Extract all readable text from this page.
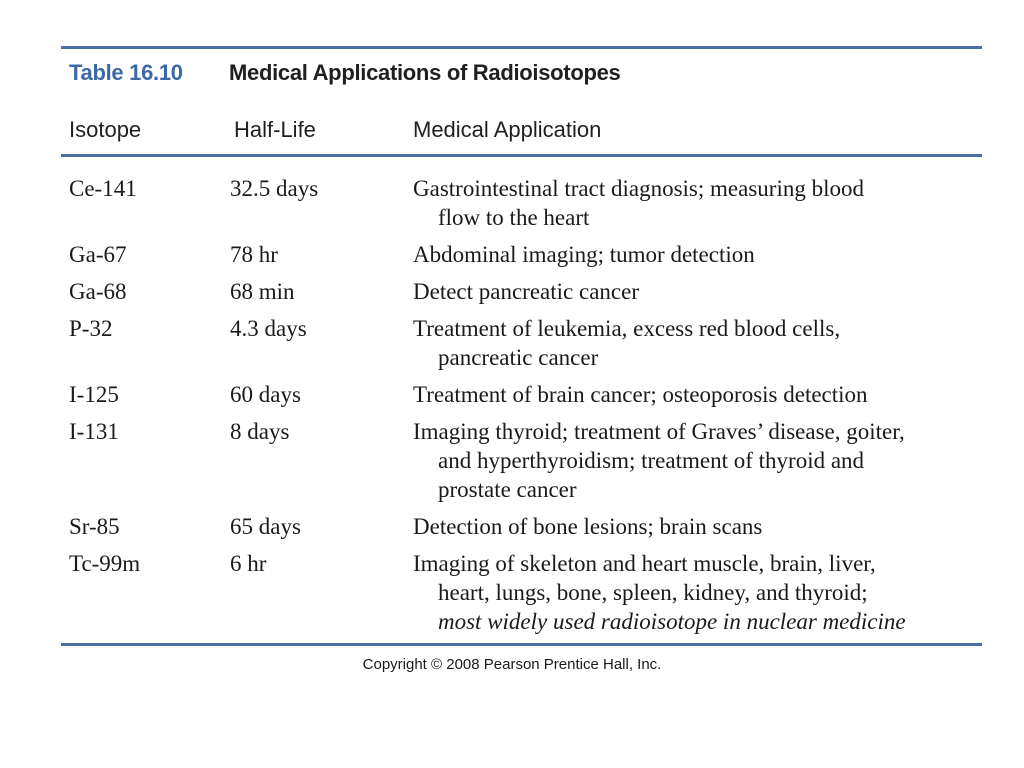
Table 16.10 Medical Applications of Radioisotopes
Isotope	Half-Life	Medical Application
Ce-141	32.5 days	Gastrointestinal tract diagnosis; measuring blood
flow to the heart
Ga-67	78 hr	Abdominal imaging; tumor detection
Ga-68	68 min	Detect pancreatic cancer
P-32	4.3 days	Treatment of leukemia, excess red blood cells,
pancreatic cancer
I-125	60 days	Treatment of brain cancer; osteoporosis detection
I-131	8 days	Imaging thyroid; treatment of Graves’ disease, goiter,
and hyperthyroidism; treatment of thyroid and
prostate cancer
Sr-85	65 days	Detection of bone lesions; brain scans
Tc-99m	6 hr	Imaging of skeleton and heart muscle, brain, liver,
heart, lungs, bone, spleen, kidney, and thyroid;
most widely used radioisotope in nuclear medicine
Copyright © 2008 Pearson Prentice Hall, Inc.
